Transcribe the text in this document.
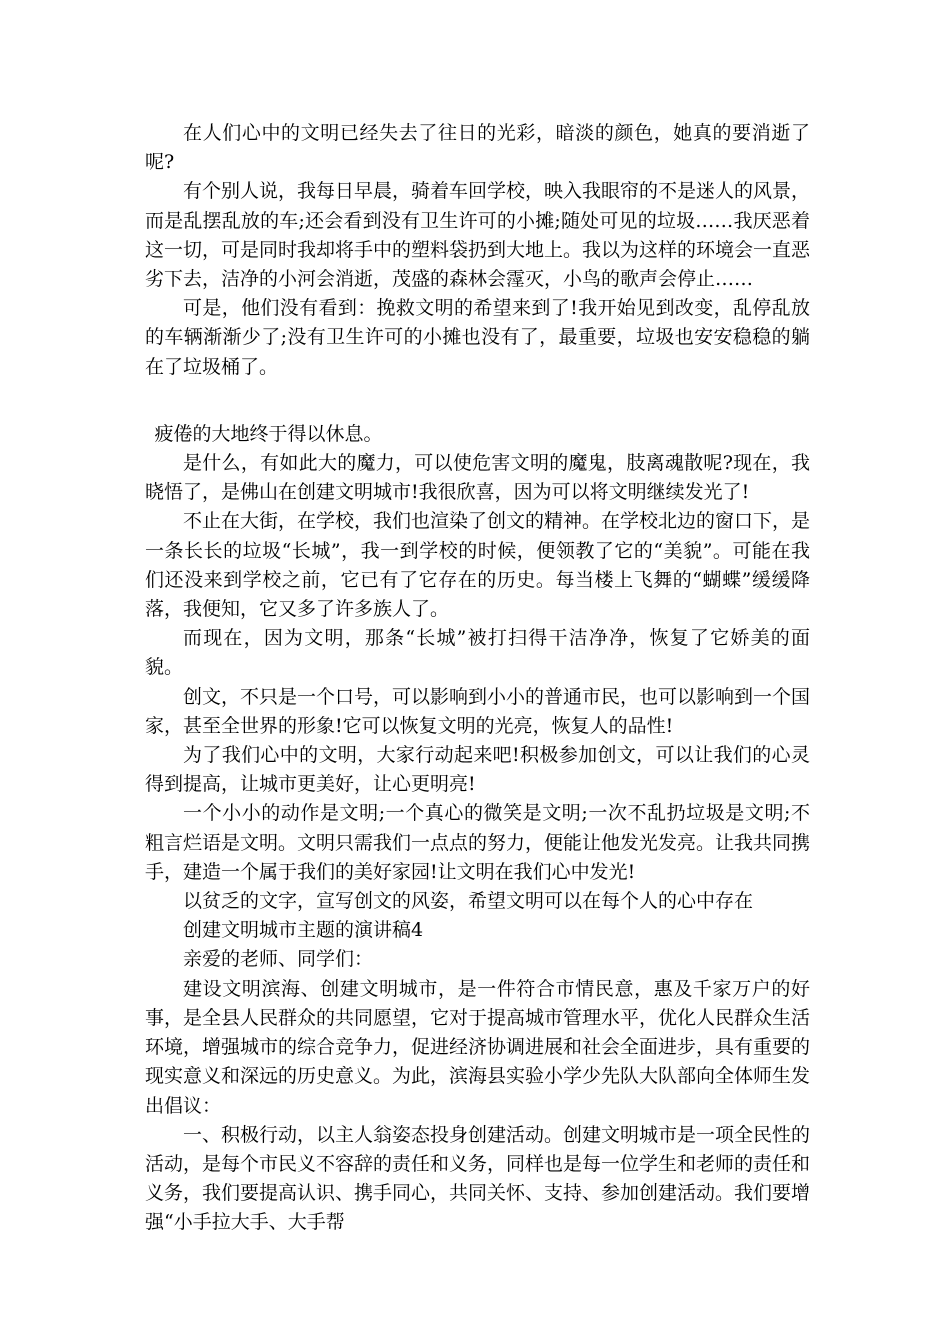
在人们心中的文明已经失去了往日的光彩，暗淡的颜色，她真的要消逝了呢?

有个别人说，我每日早晨，骑着车回学校，映入我眼帘的不是迷人的风景，而是乱摆乱放的车;还会看到没有卫生许可的小摊;随处可见的垃圾……我厌恶着这一切，可是同时我却将手中的塑料袋扔到大地上。我以为这样的环境会一直恶劣下去，洁净的小河会消逝，茂盛的森林会霪灭，小鸟的歌声会停止……

可是，他们没有看到：挽救文明的希望来到了!我开始见到改变，乱停乱放的车辆渐渐少了;没有卫生许可的小摊也没有了，最重要，垃圾也安安稳稳的躺在了垃圾桶了。

疲倦的大地终于得以休息。

是什么，有如此大的魔力，可以使危害文明的魔鬼，肢离魂散呢?现在，我晓悟了，是佛山在创建文明城市!我很欣喜，因为可以将文明继续发光了!

不止在大街，在学校，我们也渲染了创文的精神。在学校北边的窗口下，是一条长长的垃圾“长城”，我一到学校的时候，便领教了它的“美貌”。可能在我们还没来到学校之前，它已有了它存在的历史。每当楼上飞舞的“蝴蝶”缓缓降落，我便知，它又多了许多族人了。

而现在，因为文明，那条“长城”被打扫得干洁净净，恢复了它娇美的面貌。

创文，不只是一个口号，可以影响到小小的普通市民，也可以影响到一个国家，甚至全世界的形象!它可以恢复文明的光亮，恢复人的品性!

为了我们心中的文明，大家行动起来吧!积极参加创文，可以让我们的心灵得到提高，让城市更美好，让心更明亮!

一个小小的动作是文明;一个真心的微笑是文明;一次不乱扔垃圾是文明;不粗言烂语是文明。文明只需我们一点点的努力，便能让他发光发亮。让我共同携手，建造一个属于我们的美好家园!让文明在我们心中发光!

以贫乏的文字，宣写创文的风姿，希望文明可以在每个人的心中存在

创建文明城市主题的演讲稿4

亲爱的老师、同学们：

建设文明滨海、创建文明城市，是一件符合市情民意，惠及千家万户的好事，是全县人民群众的共同愿望，它对于提高城市管理水平，优化人民群众生活环境，增强城市的综合竞争力，促进经济协调进展和社会全面进步，具有重要的现实意义和深远的历史意义。为此，滨海县实验小学少先队大队部向全体师生发出倡议：

一、积极行动，以主人翁姿态投身创建活动。创建文明城市是一项全民性的活动，是每个市民义不容辞的责任和义务，同样也是每一位学生和老师的责任和义务，我们要提高认识、携手同心，共同关怀、支持、参加创建活动。我们要增强“小手拉大手、大手帮
